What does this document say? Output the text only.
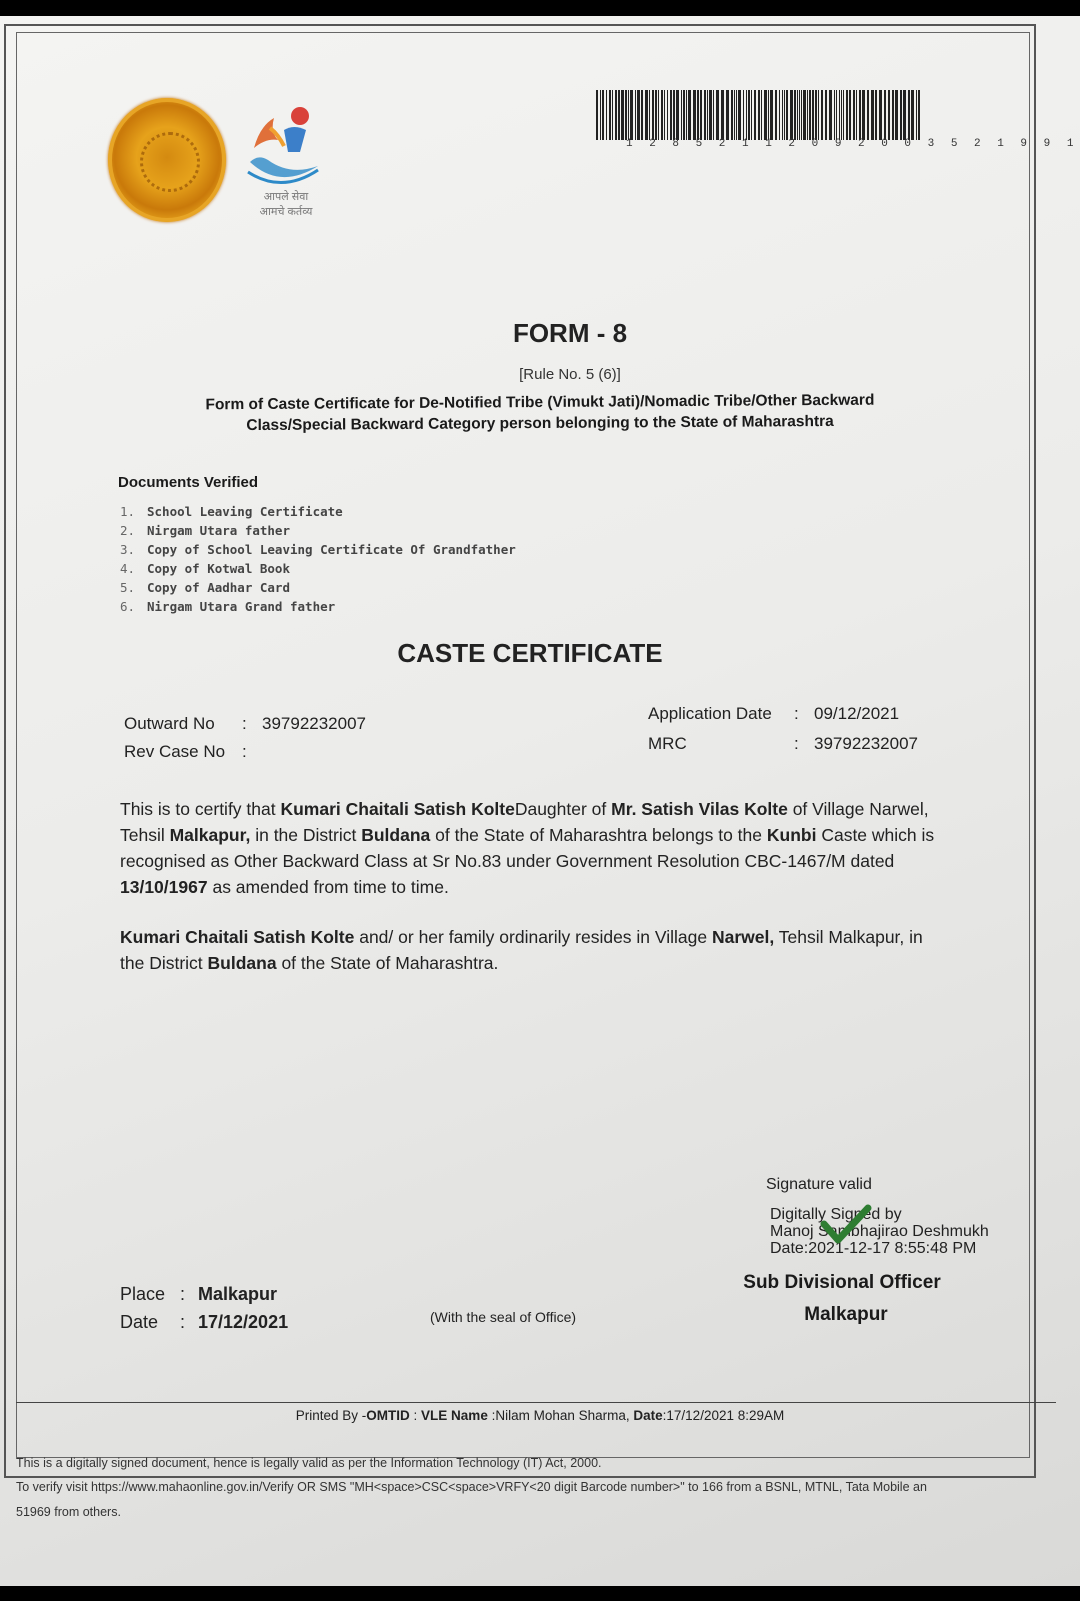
आपले सेवा
आमचे कर्तव्य
1 2 8 5 2 1 1 2 0 9 2 0 0 3 5 2 1 9 9 1
FORM - 8
[Rule No. 5 (6)]
Form of Caste Certificate for De-Notified Tribe (Vimukt Jati)/Nomadic Tribe/Other Backward
Class/Special Backward Category person belonging to the State of Maharashtra
Documents Verified
1. School Leaving Certificate
2. Nirgam Utara father
3. Copy of School Leaving Certificate Of Grandfather
4. Copy of Kotwal Book
5. Copy of Aadhar Card
6. Nirgam Utara Grand father
CASTE CERTIFICATE
Outward No : 39792232007
Rev Case No :
Application Date : 09/12/2021
MRC	: 39792232007
This is to certify that Kumari Chaitali Satish KolteDaughter of Mr. Satish Vilas Kolte of Village Narwel, Tehsil Malkapur, in the District Buldana of the State of Maharashtra belongs to the Kunbi Caste which is recognised as Other Backward Class at Sr No.83 under Government Resolution CBC-1467/M dated 13/10/1967 as amended from time to time.
Kumari Chaitali Satish Kolte and/ or her family ordinarily resides in Village Narwel, Tehsil Malkapur, in the District Buldana of the State of Maharashtra.
Signature valid
Digitally Signed by
Manoj Sambhajirao Deshmukh
Date:2021-12-17 8:55:48 PM
Sub Divisional Officer
Malkapur
Place : Malkapur
Date : 17/12/2021	(With the seal of Office)
Printed By -OMTID : VLE Name :Nilam Mohan Sharma, Date:17/12/2021 8:29AM
This is a digitally signed document, hence is legally valid as per the Information Technology (IT) Act, 2000.
To verify visit https://www.mahaonline.gov.in/Verify OR SMS "MH<space>CSC<space>VRFY<20 digit Barcode number>" to 166 from a BSNL, MTNL, Tata Mobile an
51969 from others.
